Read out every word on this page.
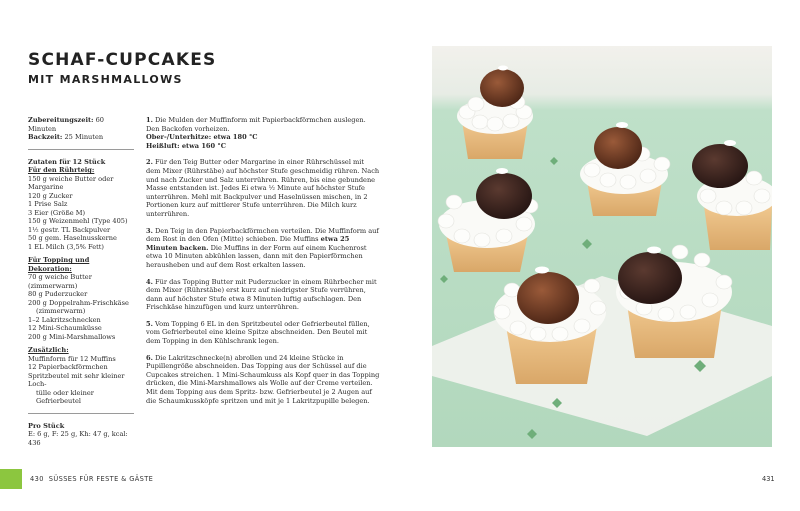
SCHAF-CUPCAKES
MIT MARSHMALLOWS

Zubereitungszeit: 60 Minuten

Backzeit: 25 Minuten

Zutaten für 12 Stück

Für den Rührteig:

150 g weiche Butter oder Margarine

120 g Zucker

1 Prise Salz

3 Eier (Größe M)

150 g Weizenmehl (Type 405)

1½ gestr. TL Backpulver

50 g gem. Haselnusskerne

1 EL Milch (3,5% Fett)

Für Topping und Dekoration:

70 g weiche Butter (zimmerwarm)

80 g Puderzucker

200 g Doppelrahm-Frischkäse

(zimmerwarm)

1–2 Lakritzschnecken

12 Mini-Schaumküsse

200 g Mini-Marshmallows

Zusätzlich:

Muffinform für 12 Muffins

12 Papierbackförmchen

Spritzbeutel mit sehr kleiner Loch-

tülle oder kleiner Gefrierbeutel

Pro Stück

E: 6 g, F: 25 g, Kh: 47 g, kcal: 436

1. Die Mulden der Muffinform mit Papierbackförmchen auslegen. Den Backofen vorheizen.
Ober-/Unterhitze: etwa 180 °C
Heißluft: etwa 160 °C
2. Für den Teig Butter oder Margarine in einer Rührschüssel mit dem Mixer (Rührstäbe) auf höchster Stufe geschmeidig rühren. Nach und nach Zucker und Salz unterrühren. Rühren, bis eine gebundene Masse entstanden ist. Jedes Ei etwa ½ Minute auf höchster Stufe unterrühren. Mehl mit Backpulver und Haselnüssen mischen, in 2 Portionen kurz auf mittlerer Stufe unterrühren. Die Milch kurz unterrühren.
3. Den Teig in den Papierbackförmchen verteilen. Die Muffinform auf dem Rost in den Ofen (Mitte) schieben. Die Muffins etwa 25 Minuten backen. Die Muffins in der Form auf einem Kuchenrost etwa 10 Minuten abkühlen lassen, dann mit den Papierförmchen herausheben und auf dem Rost erkalten lassen.
4. Für das Topping Butter mit Puderzucker in einem Rührbecher mit dem Mixer (Rührstäbe) erst kurz auf niedrigster Stufe verrühren, dann auf höchster Stufe etwa 8 Minuten luftig aufschlagen. Den Frischkäse hinzufügen und kurz unterrühren.
5. Vom Topping 6 EL in den Spritzbeutel oder Gefrierbeutel füllen, vom Gefrierbeutel eine kleine Spitze abschneiden. Den Beutel mit dem Topping in den Kühlschrank legen.
6. Die Lakritzschnecke(n) abrollen und 24 kleine Stücke in Pupillengröße abschneiden. Das Topping aus der Schüssel auf die Cupcakes streichen. 1 Mini-Schaumkuss als Kopf quer in das Topping drücken, die Mini-Marshmallows als Wolle auf der Creme verteilen. Mit dem Topping aus dem Spritz- bzw. Gefrierbeutel je 2 Augen auf die Schaumkussköpfe spritzen und mit je 1 Lakritzpupille belegen.
430 SÜSSES FÜR FESTE & GÄSTE	431
